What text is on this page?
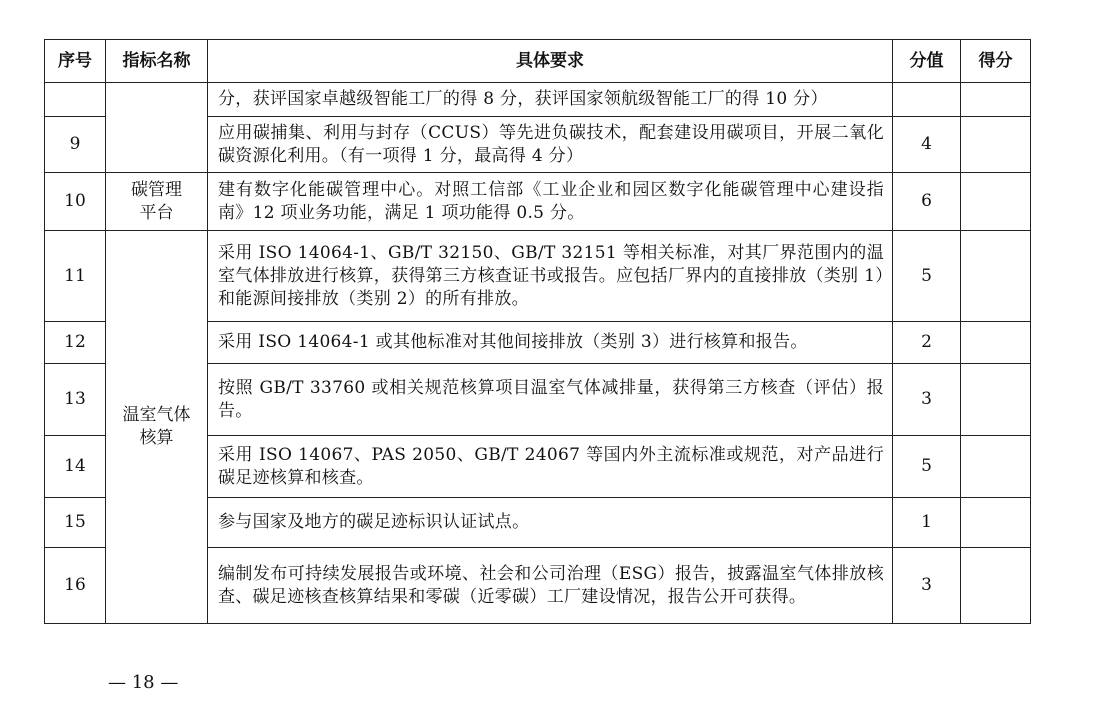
序号	指标名称	具体要求	分值	得分
		分，获评国家卓越级智能工厂的得 8 分，获评国家领航级智能工厂的得 10 分）		
9		应用碳捕集、利用与封存（CCUS）等先进负碳技术，配套建设用碳项目，开展二氧化碳资源化利用。（有一项得 1 分，最高得 4 分）	4	
10	碳管理平台	建有数字化能碳管理中心。对照工信部《工业企业和园区数字化能碳管理中心建设指南》12 项业务功能，满足 1 项功能得 0.5 分。	6	
11	温室气体核算	采用 ISO 14064-1、GB/T 32150、GB/T 32151 等相关标准，对其厂界范围内的温室气体排放进行核算，获得第三方核查证书或报告。应包括厂界内的直接排放（类别 1）和能源间接排放（类别 2）的所有排放。	5	
12		采用 ISO 14064-1 或其他标准对其他间接排放（类别 3）进行核算和报告。	2	
13		按照 GB/T 33760 或相关规范核算项目温室气体减排量，获得第三方核查（评估）报告。	3	
14		采用 ISO 14067、PAS 2050、GB/T 24067 等国内外主流标准或规范，对产品进行碳足迹核算和核查。	5	
15		参与国家及地方的碳足迹标识认证试点。	1	
16		编制发布可持续发展报告或环境、社会和公司治理（ESG）报告，披露温室气体排放核查、碳足迹核查核算结果和零碳（近零碳）工厂建设情况，报告公开可获得。	3	
— 18 —
